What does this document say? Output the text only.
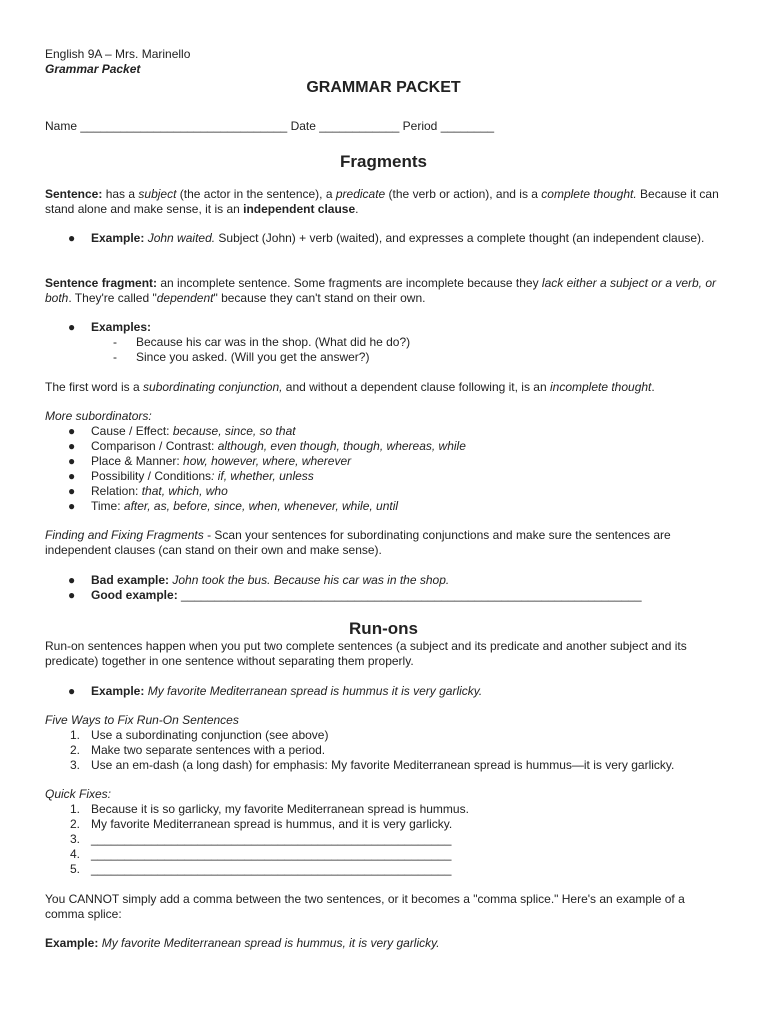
English 9A – Mrs. Marinello
Grammar Packet
GRAMMAR PACKET
Name _______________________________ Date ____________ Period ________
Fragments
Sentence: has a subject (the actor in the sentence), a predicate (the verb or action), and is a complete thought. Because it can stand alone and make sense, it is an independent clause.
● Example: John waited. Subject (John) + verb (waited), and expresses a complete thought (an independent clause).
Sentence fragment: an incomplete sentence. Some fragments are incomplete because they lack either a subject or a verb, or both. They're called "dependent" because they can't stand on their own.
● Examples:
- Because his car was in the shop. (What did he do?)
- Since you asked. (Will you get the answer?)
The first word is a subordinating conjunction, and without a dependent clause following it, is an incomplete thought.
More subordinators:
● Cause / Effect: because, since, so that
● Comparison / Contrast: although, even though, though, whereas, while
● Place & Manner: how, however, where, wherever
● Possibility / Conditions: if, whether, unless
● Relation: that, which, who
● Time: after, as, before, since, when, whenever, while, until
Finding and Fixing Fragments - Scan your sentences for subordinating conjunctions and make sure the sentences are independent clauses (can stand on their own and make sense).
● Bad example: John took the bus. Because his car was in the shop.
● Good example: _____________________________________________________________________
Run-ons
Run-on sentences happen when you put two complete sentences (a subject and its predicate and another subject and its predicate) together in one sentence without separating them properly.
● Example: My favorite Mediterranean spread is hummus it is very garlicky.
Five Ways to Fix Run-On Sentences
1. Use a subordinating conjunction (see above)
2. Make two separate sentences with a period.
3. Use an em-dash (a long dash) for emphasis: My favorite Mediterranean spread is hummus—it is very garlicky.
Quick Fixes:
1. Because it is so garlicky, my favorite Mediterranean spread is hummus.
2. My favorite Mediterranean spread is hummus, and it is very garlicky.
3. ______________________________________________________
4. ______________________________________________________
5. ______________________________________________________
You CANNOT simply add a comma between the two sentences, or it becomes a "comma splice." Here's an example of a comma splice:
Example: My favorite Mediterranean spread is hummus, it is very garlicky.
